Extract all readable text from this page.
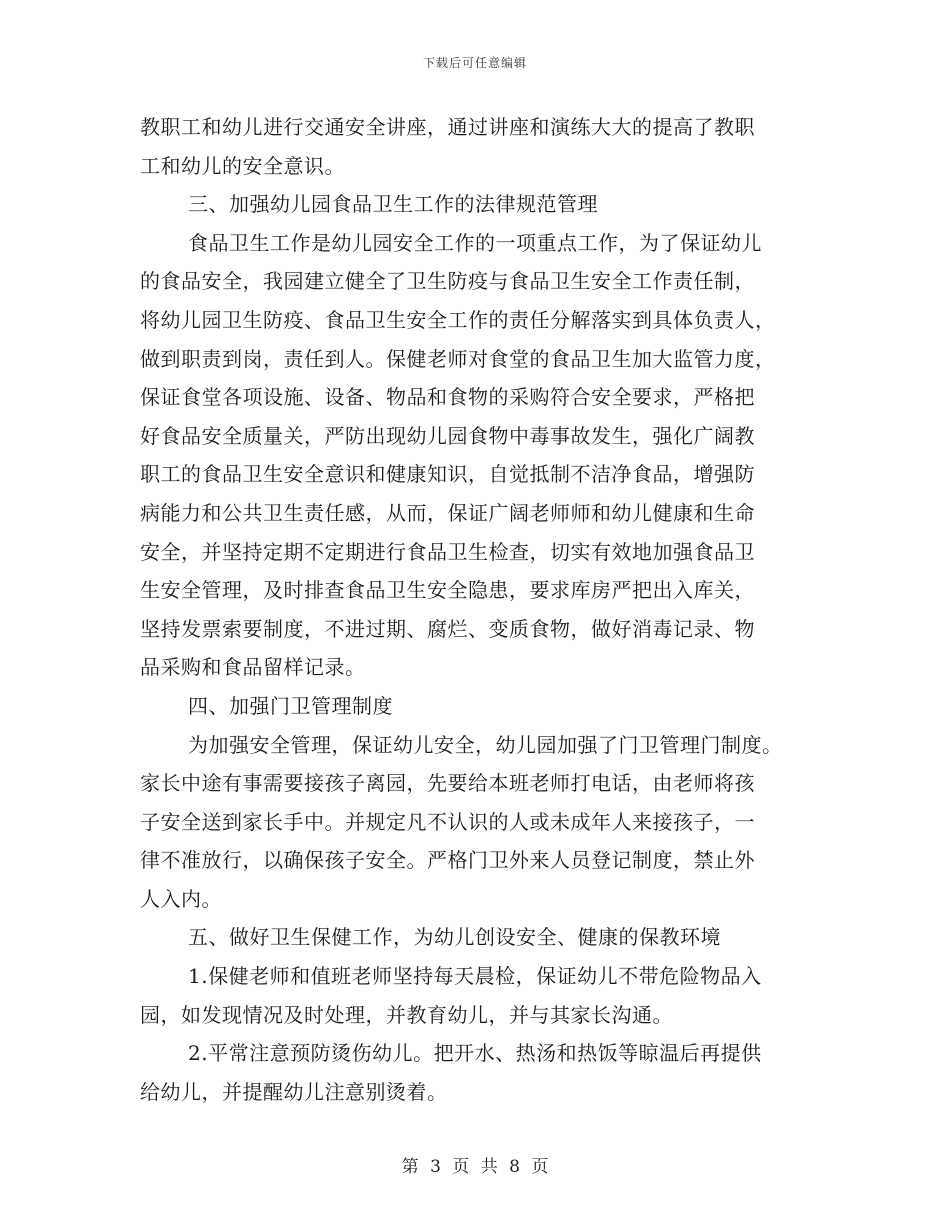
下载后可任意编辑
教职工和幼儿进行交通安全讲座，通过讲座和演练大大的提高了教职
工和幼儿的安全意识。
三、加强幼儿园食品卫生工作的法律规范管理
食品卫生工作是幼儿园安全工作的一项重点工作，为了保证幼儿
的食品安全，我园建立健全了卫生防疫与食品卫生安全工作责任制，
将幼儿园卫生防疫、食品卫生安全工作的责任分解落实到具体负责人，
做到职责到岗，责任到人。保健老师对食堂的食品卫生加大监管力度，
保证食堂各项设施、设备、物品和食物的采购符合安全要求，严格把
好食品安全质量关，严防出现幼儿园食物中毒事故发生，强化广阔教
职工的食品卫生安全意识和健康知识，自觉抵制不洁净食品，增强防
病能力和公共卫生责任感，从而，保证广阔老师师和幼儿健康和生命
安全，并坚持定期不定期进行食品卫生检查，切实有效地加强食品卫
生安全管理，及时排查食品卫生安全隐患，要求库房严把出入库关，
坚持发票索要制度，不进过期、腐烂、变质食物，做好消毒记录、物
品采购和食品留样记录。
四、加强门卫管理制度
为加强安全管理，保证幼儿安全，幼儿园加强了门卫管理门制度。
家长中途有事需要接孩子离园，先要给本班老师打电话，由老师将孩
子安全送到家长手中。并规定凡不认识的人或未成年人来接孩子，一
律不准放行，以确保孩子安全。严格门卫外来人员登记制度，禁止外
人入内。
五、做好卫生保健工作，为幼儿创设安全、健康的保教环境
1.保健老师和值班老师坚持每天晨检，保证幼儿不带危险物品入
园，如发现情况及时处理，并教育幼儿，并与其家长沟通。
2.平常注意预防烫伤幼儿。把开水、热汤和热饭等晾温后再提供
给幼儿，并提醒幼儿注意别烫着。
第 3 页 共 8 页
